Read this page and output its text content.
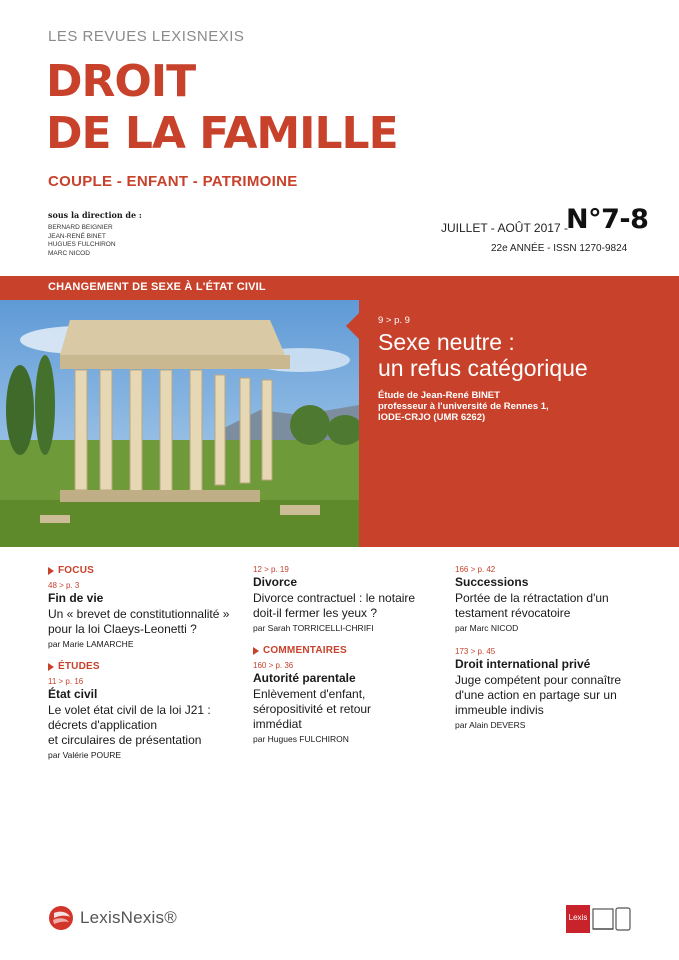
LES REVUES LEXISNEXIS
DROIT
DE LA FAMILLE
COUPLE - ENFANT - PATRIMOINE
sous la direction de :
BERNARD BEIGNIER
JEAN-RENÉ BINET
HUGUES FULCHIRON
MARC NICOD
JUILLET - AOÛT 2017 -
N°7-8
22e ANNÉE - ISSN 1270-9824
CHANGEMENT DE SEXE À L'ÉTAT CIVIL
9 > p. 9
Sexe neutre :
un refus catégorique
Étude de Jean-René BINET
professeur à l'université de Rennes 1,
IODE-CRJO (UMR 6262)
FOCUS
48 > p. 3
Fin de vie
Un « brevet de constitutionnalité »
pour la loi Claeys-Leonetti ?
par Marie LAMARCHE
ÉTUDES
11 > p. 16
État civil
Le volet état civil de la loi J21 :
décrets d'application
et circulaires de présentation
par Valérie POURE
12 > p. 19
Divorce
Divorce contractuel : le notaire
doit-il fermer les yeux ?
par Sarah TORRICELLI-CHRIFI
COMMENTAIRES
160 > p. 36
Autorité parentale
Enlèvement d'enfant,
séropositivité et retour
immédiat
par Hugues FULCHIRON
166 > p. 42
Successions
Portée de la rétractation d'un
testament révocatoire
par Marc NICOD
173 > p. 45
Droit international privé
Juge compétent pour connaître
d'une action en partage sur un
immeuble indivis
par Alain DEVERS
LexisNexis®	Lexis
